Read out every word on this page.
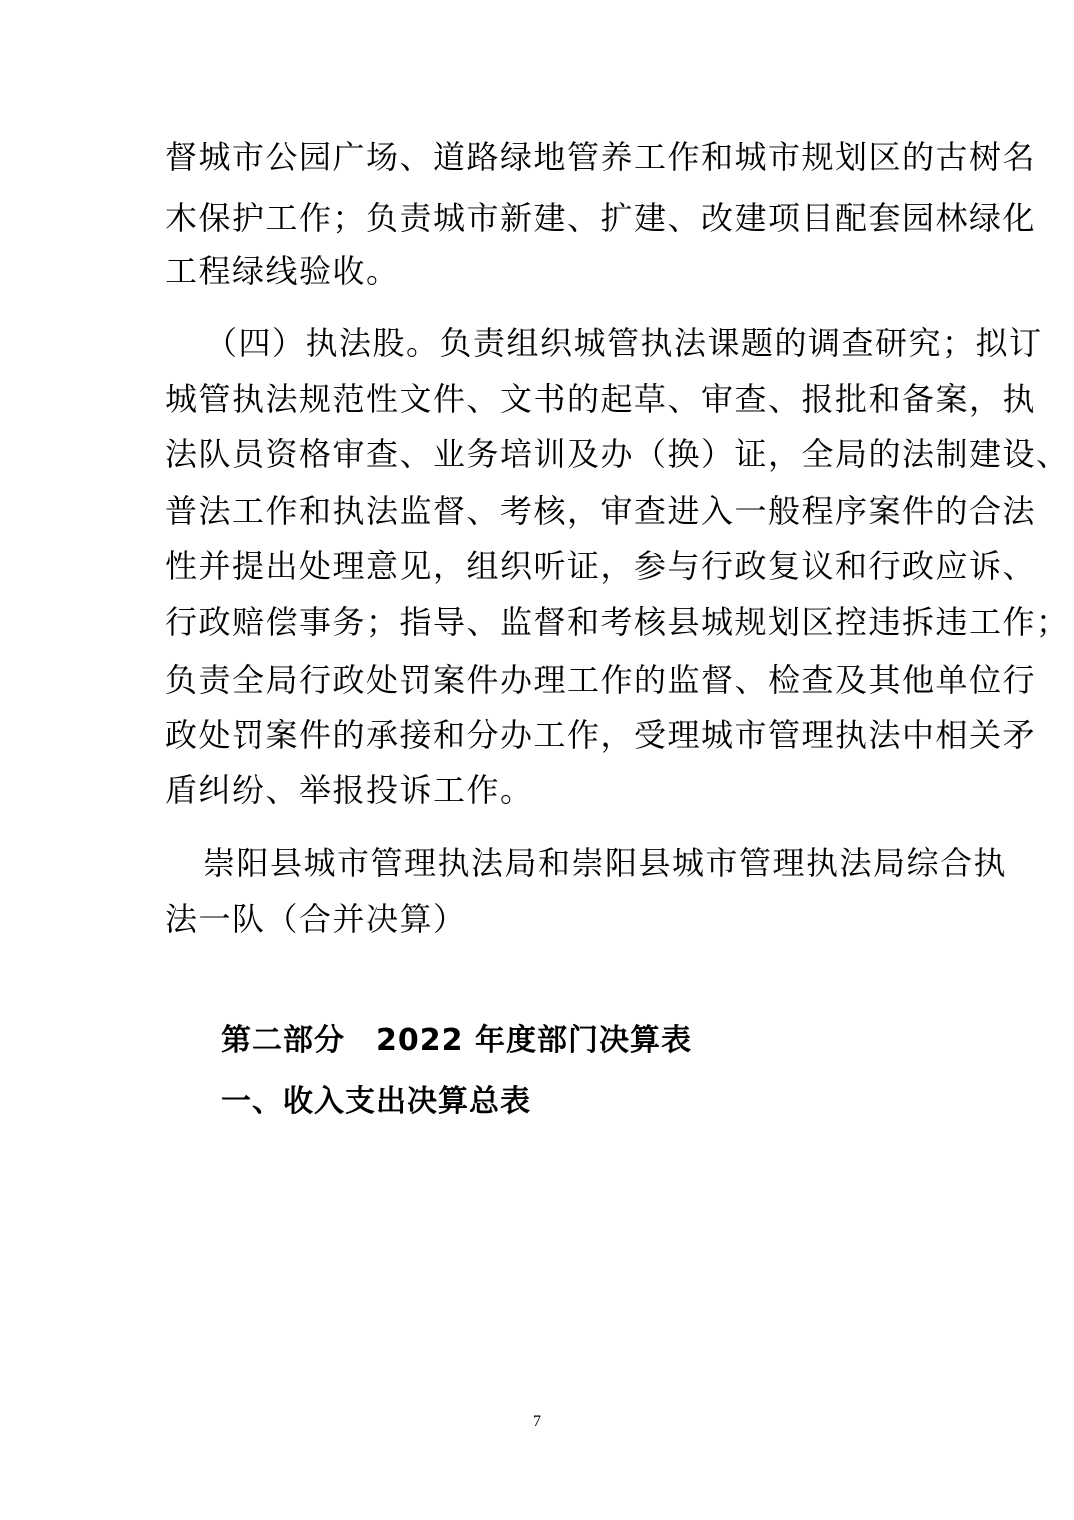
督城市公园广场、道路绿地管养工作和城市规划区的古树名
木保护工作；负责城市新建、扩建、改建项目配套园林绿化
工程绿线验收。
（四）执法股。负责组织城管执法课题的调查研究；拟订
城管执法规范性文件、文书的起草、审查、报批和备案，执
法队员资格审查、业务培训及办（换）证，全局的法制建设、
普法工作和执法监督、考核，审查进入一般程序案件的合法
性并提出处理意见，组织听证，参与行政复议和行政应诉、
行政赔偿事务；指导、监督和考核县城规划区控违拆违工作；
负责全局行政处罚案件办理工作的监督、检查及其他单位行
政处罚案件的承接和分办工作，受理城市管理执法中相关矛
盾纠纷、举报投诉工作。
崇阳县城市管理执法局和崇阳县城市管理执法局综合执
法一队（合并决算）
第二部分　2022 年度部门决算表
一、收入支出决算总表
7
